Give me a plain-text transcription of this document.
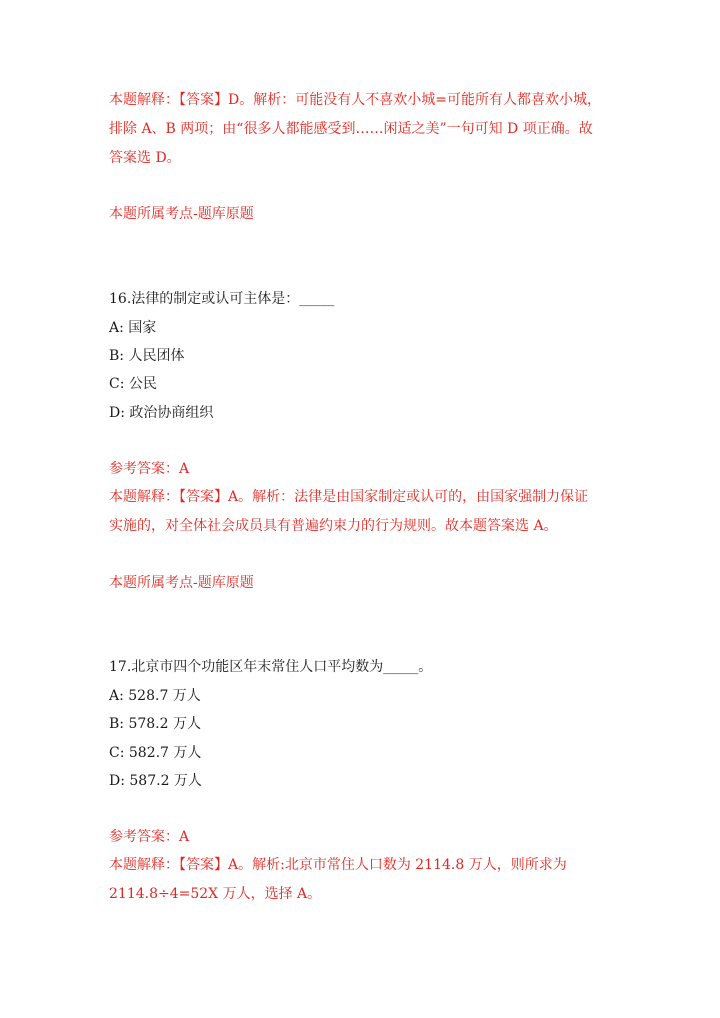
本题解释：【答案】D。解析：可能没有人不喜欢小城=可能所有人都喜欢小城，
排除 A、B 两项；由“很多人都能感受到……闲适之美”一句可知 D 项正确。故
答案选 D。
本题所属考点-题库原题
16.法律的制定或认可主体是：_____
A: 国家
B: 人民团体
C: 公民
D: 政治协商组织
参考答案：A
本题解释：【答案】A。解析：法律是由国家制定或认可的，由国家强制力保证
实施的，对全体社会成员具有普遍约束力的行为规则。故本题答案选 A。
本题所属考点-题库原题
17.北京市四个功能区年末常住人口平均数为_____。
A: 528.7 万人
B: 578.2 万人
C: 582.7 万人
D: 587.2 万人
参考答案：A
本题解释：【答案】A。解析:北京市常住人口数为 2114.8 万人，则所求为
2114.8÷4=52X 万人，选择 A。
